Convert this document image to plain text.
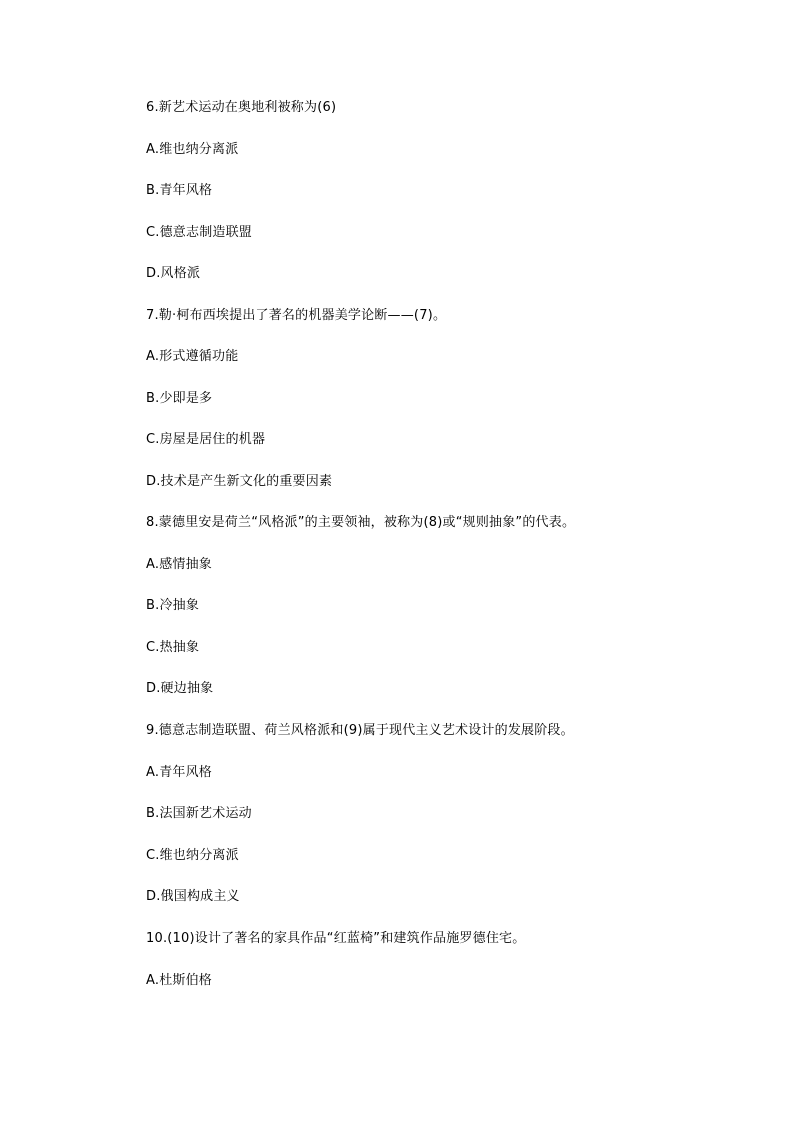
6.新艺术运动在奥地利被称为(6)
A.维也纳分离派
B.青年风格
C.德意志制造联盟
D.风格派
7.勒·柯布西埃提出了著名的机器美学论断——(7)。
A.形式遵循功能
B.少即是多
C.房屋是居住的机器
D.技术是产生新文化的重要因素
8.蒙德里安是荷兰“风格派”的主要领袖，被称为(8)或“规则抽象”的代表。
A.感情抽象
B.冷抽象
C.热抽象
D.硬边抽象
9.德意志制造联盟、荷兰风格派和(9)属于现代主义艺术设计的发展阶段。
A.青年风格
B.法国新艺术运动
C.维也纳分离派
D.俄国构成主义
10.(10)设计了著名的家具作品“红蓝椅”和建筑作品施罗德住宅。
A.杜斯伯格
